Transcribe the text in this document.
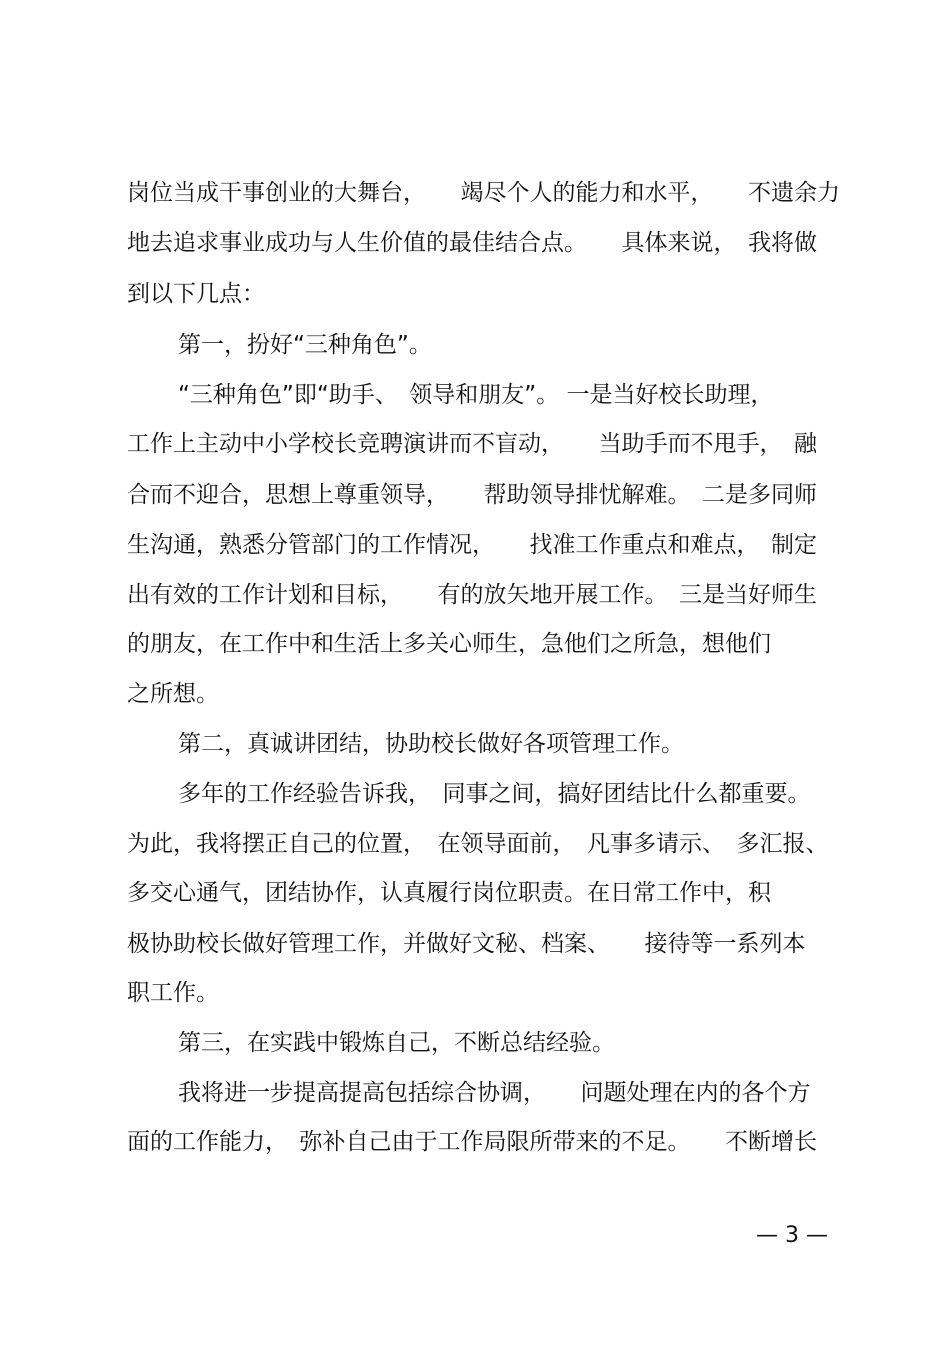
岗位当成干事创业的大舞台，　　竭尽个人的能力和水平，　　不遗余力
地去追求事业成功与人生价值的最佳结合点。　　具体来说，　我将做
到以下几点：
第一，扮好“三种角色”。
“三种角色”即“助手、　领导和朋友”。 一是当好校长助理，
工作上主动中小学校长竞聘演讲而不盲动，　　当助手而不甩手，　融
合而不迎合，思想上尊重领导，　　帮助领导排忧解难。　二是多同师
生沟通，熟悉分管部门的工作情况，　　找准工作重点和难点，　制定
出有效的工作计划和目标，　　有的放矢地开展工作。　三是当好师生
的朋友，在工作中和生活上多关心师生，急他们之所急，想他们
之所想。
第二，真诚讲团结，协助校长做好各项管理工作。
多年的工作经验告诉我，　同事之间，搞好团结比什么都重要。
为此，我将摆正自己的位置，　在领导面前，　凡事多请示、　多汇报、
多交心通气，团结协作，认真履行岗位职责。在日常工作中，积
极协助校长做好管理工作，并做好文秘、档案、　　接待等一系列本
职工作。
第三，在实践中锻炼自己，不断总结经验。
我将进一步提高提高包括综合协调，　　问题处理在内的各个方
面的工作能力，　弥补自己由于工作局限所带来的不足。　　不断增长
— 3 —
